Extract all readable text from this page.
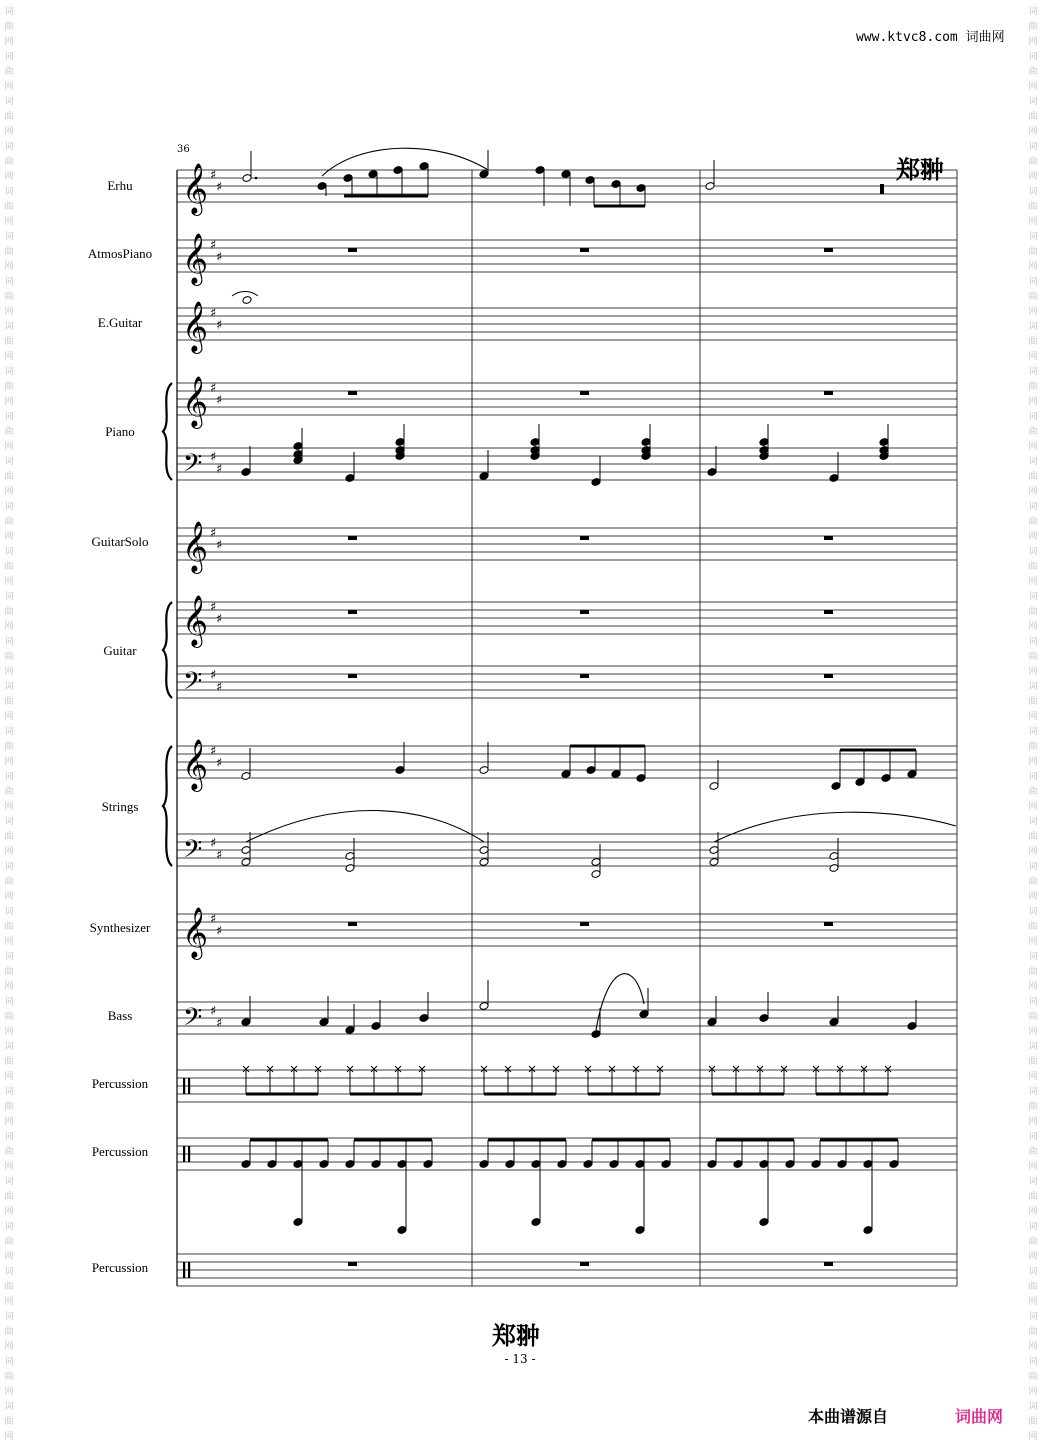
词
曲
网
词
曲
网
词
曲
网
词
曲
网
词
曲
网
词
曲
网
词
曲
网
词
曲
网
词
曲
网
词
曲
网
词
曲
网
词
曲
网
词
曲
网
词
曲
网
词
曲
网
词
曲
网
词
曲
网
词
曲
网
词
曲
网
词
曲
网
词
曲
网
词
曲
网
词
曲
网
词
曲
网
词
曲
网
词
曲
网
词
曲
网
词
曲
网
词
曲
网
词
曲
网
词
曲
网
词
曲
网
词
曲
网
词
曲
网
词
曲
网
词
曲
网
词
曲
网
词
曲
网
词
曲
网
词
曲
网
词
曲
网
词
曲
网
词
曲
网
词
曲
网
词
曲
网
词
曲
网
词
曲
网
词
曲
网
词
曲
网
词
曲
网
词
曲
网
词
曲
网
词
曲
网
词
曲
网
词
曲
网
词
曲
网
词
曲
网
词
曲
网
词
曲
网
词
曲
网
词
曲
网
词
曲
网
词
曲
网
词
曲
网
www.ktvc8.com 词曲网
36
郑翀
Erhu
AtmosPiano
E.Guitar
Piano
GuitarSolo
Guitar
Strings
Synthesizer
Bass
Percussion
Percussion
Percussion
𝄞 ♯
♯
𝄞 ♯
♯
𝄞 ♯
♯
𝄞 ♯
♯
𝄢 ♯
♯
𝄞 ♯
♯
𝄞 ♯
♯
𝄢 ♯
♯
𝄞 ♯
♯
𝄢 ♯
♯
𝄞 ♯
♯
𝄢 ♯
♯
郑翀
- 13 -
本曲谱源自	词曲网
